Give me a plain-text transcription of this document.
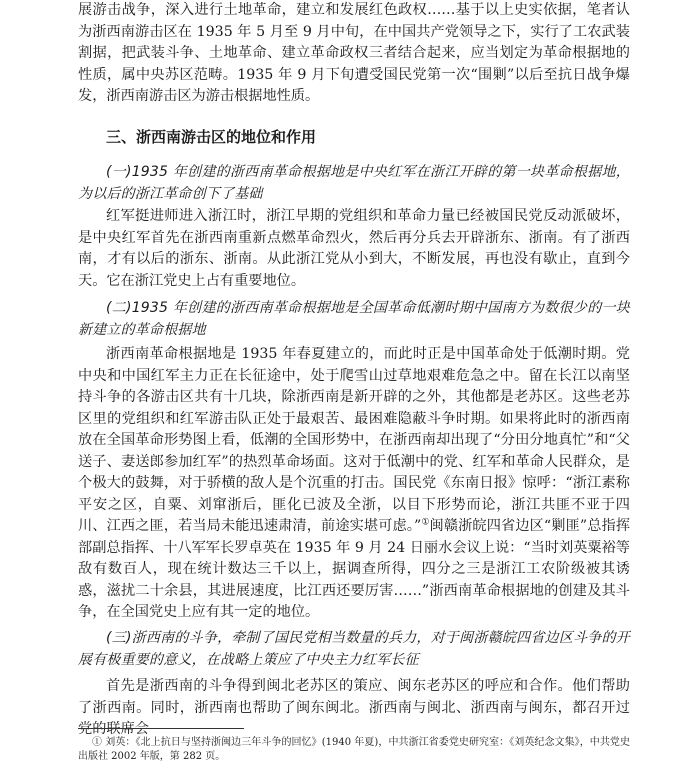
展游击战争，深入进行土地革命，建立和发展红色政权……基于以上史实依据，笔者认为浙西南游击区在 1935 年 5 月至 9 月中旬，在中国共产党领导之下，实行了工农武装割据，把武装斗争、土地革命、建立革命政权三者结合起来，应当划定为革命根据地的性质，属中央苏区范畴。1935 年 9 月下旬遭受国民党第一次“围剿”以后至抗日战争爆发，浙西南游击区为游击根据地性质。

三、浙西南游击区的地位和作用

(一)1935 年创建的浙西南革命根据地是中央红军在浙江开辟的第一块革命根据地，为以后的浙江革命创下了基础

红军挺进师进入浙江时，浙江早期的党组织和革命力量已经被国民党反动派破坏，是中央红军首先在浙西南重新点燃革命烈火，然后再分兵去开辟浙东、浙南。有了浙西南，才有以后的浙东、浙南。从此浙江党从小到大，不断发展，再也没有歇止，直到今天。它在浙江党史上占有重要地位。

(二)1935 年创建的浙西南革命根据地是全国革命低潮时期中国南方为数很少的一块新建立的革命根据地

浙西南革命根据地是 1935 年春夏建立的，而此时正是中国革命处于低潮时期。党中央和中国红军主力正在长征途中，处于爬雪山过草地艰难危急之中。留在长江以南坚持斗争的各游击区共有十几块，除浙西南是新开辟的之外，其他都是老苏区。这些老苏区里的党组织和红军游击队正处于最艰苦、最困难隐蔽斗争时期。如果将此时的浙西南放在全国革命形势图上看，低潮的全国形势中，在浙西南却出现了“分田分地真忙”和“父送子、妻送郎参加红军”的热烈革命场面。这对于低潮中的党、红军和革命人民群众，是个极大的鼓舞，对于骄横的敌人是个沉重的打击。国民党《东南日报》惊呼：“浙江素称平安之区，自粟、刘窜浙后，匪化已波及全浙，以目下形势而论，浙江共匪不亚于四川、江西之匪，若当局未能迅速肃清，前途实堪可虑。”①闽赣浙皖四省边区“剿匪”总指挥部副总指挥、十八军军长罗卓英在 1935 年 9 月 24 日丽水会议上说：“当时刘英粟裕等敌有数百人，现在统计数达三千以上，据调查所得，四分之三是浙江工农阶级被其诱惑，滋扰二十余县，其进展速度，比江西还要厉害……”浙西南革命根据地的创建及其斗争，在全国党史上应有其一定的地位。

(三)浙西南的斗争，牵制了国民党相当数量的兵力，对于闽浙赣皖四省边区斗争的开展有极重要的意义，在战略上策应了中央主力红军长征

首先是浙西南的斗争得到闽北老苏区的策应、闽东老苏区的呼应和合作。他们帮助了浙西南。同时，浙西南也帮助了闽东闽北。浙西南与闽北、浙西南与闽东，都召开过党的联席会

① 刘英：《北上抗日与坚持浙闽边三年斗争的回忆》(1940 年夏)，中共浙江省委党史研究室：《刘英纪念文集》，中共党史出版社 2002 年版，第 282 页。
